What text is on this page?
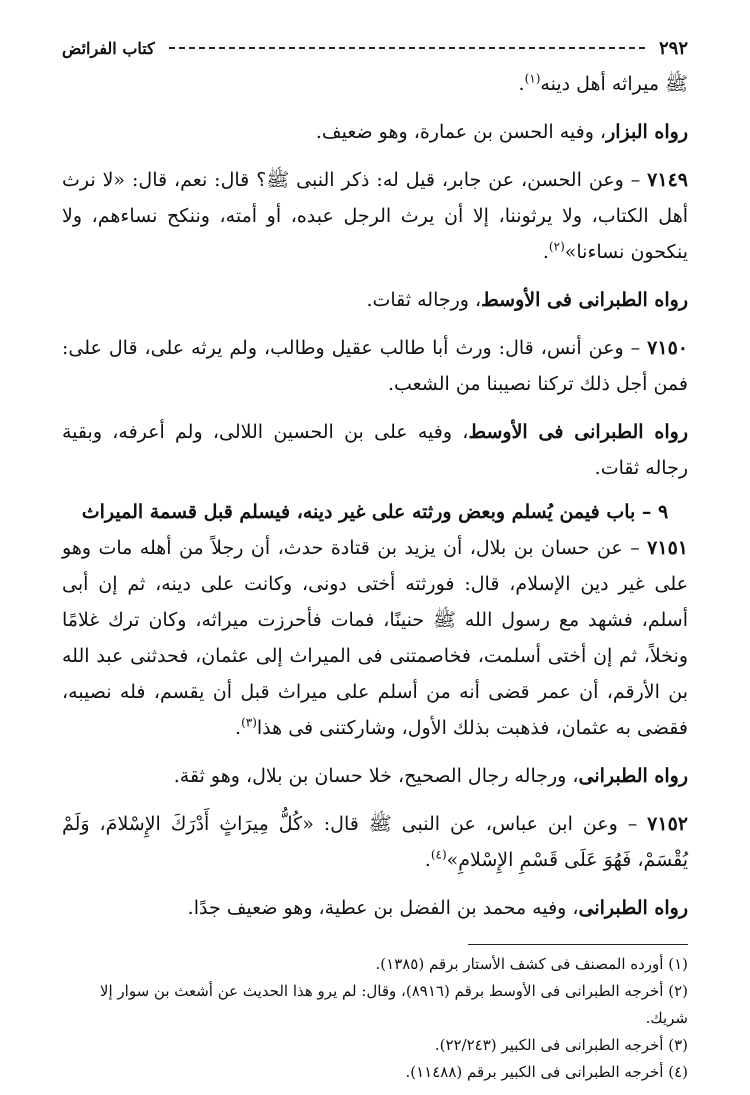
٢٩٢
كتاب الفرائض

ﷺ ميراثه أهل دينه$^{(١)}$.

رواه البزار، وفيه الحسن بن عمارة، وهو ضعيف.

٧١٤٩ – وعن الحسن، عن جابر، قيل له: ذكر النبى ﷺ؟ قال: نعم، قال: «لا نرث أهل الكتاب، ولا يرثوننا، إلا أن يرث الرجل عبده، أو أمته، وننكح نساءهم، ولا ينكحون نساءنا»$^{(٢)}$.

رواه الطبرانى فى الأوسط، ورجاله ثقات.

٧١٥٠ – وعن أنس، قال: ورث أبا طالب عقيل وطالب، ولم يرثه على، قال على: فمن أجل ذلك تركنا نصيبنا من الشعب.

رواه الطبرانى فى الأوسط، وفيه على بن الحسين اللالى، ولم أعرفه، وبقية رجاله ثقات.

٩ – باب فيمن يُسلم وبعض ورثته على غير دينه، فيسلم قبل قسمة الميراث

٧١٥١ – عن حسان بن بلال، أن يزيد بن قتادة حدث، أن رجلاً من أهله مات وهو على غير دين الإسلام، قال: فورثته أختى دونى، وكانت على دينه، ثم إن أبى أسلم، فشهد مع رسول الله ﷺ حنينًا، فمات فأحرزت ميراثه، وكان ترك غلامًا ونخلاً، ثم إن أختى أسلمت، فخاصمتنى فى الميراث إلى عثمان، فحدثنى عبد الله بن الأرقم، أن عمر قضى أنه من أسلم على ميراث قبل أن يقسم، فله نصيبه، فقضى به عثمان، فذهبت بذلك الأول، وشاركتنى فى هذا$^{(٣)}$.

رواه الطبرانى، ورجاله رجال الصحيح، خلا حسان بن بلال، وهو ثقة.

٧١٥٢ – وعن ابن عباس، عن النبى ﷺ قال: «كُلُّ مِيرَاثٍ أَدْرَكَ الإِسْلامَ، وَلَمْ يُقْسَمْ، فَهُوَ عَلَى قَسْمِ الإِسْلامِ»$^{(٤)}$.

رواه الطبرانى، وفيه محمد بن الفضل بن عطية، وهو ضعيف جدًا.

(١) أورده المصنف فى كشف الأستار برقم (١٣٨٥).

(٢) أخرجه الطبرانى فى الأوسط برقم (٨٩١٦)، وقال: لم يرو هذا الحديث عن أشعث بن سوار إلا شريك.

(٣) أخرجه الطبرانى فى الكبير (٢٢/٢٤٣).

(٤) أخرجه الطبرانى فى الكبير برقم (١١٤٨٨).
